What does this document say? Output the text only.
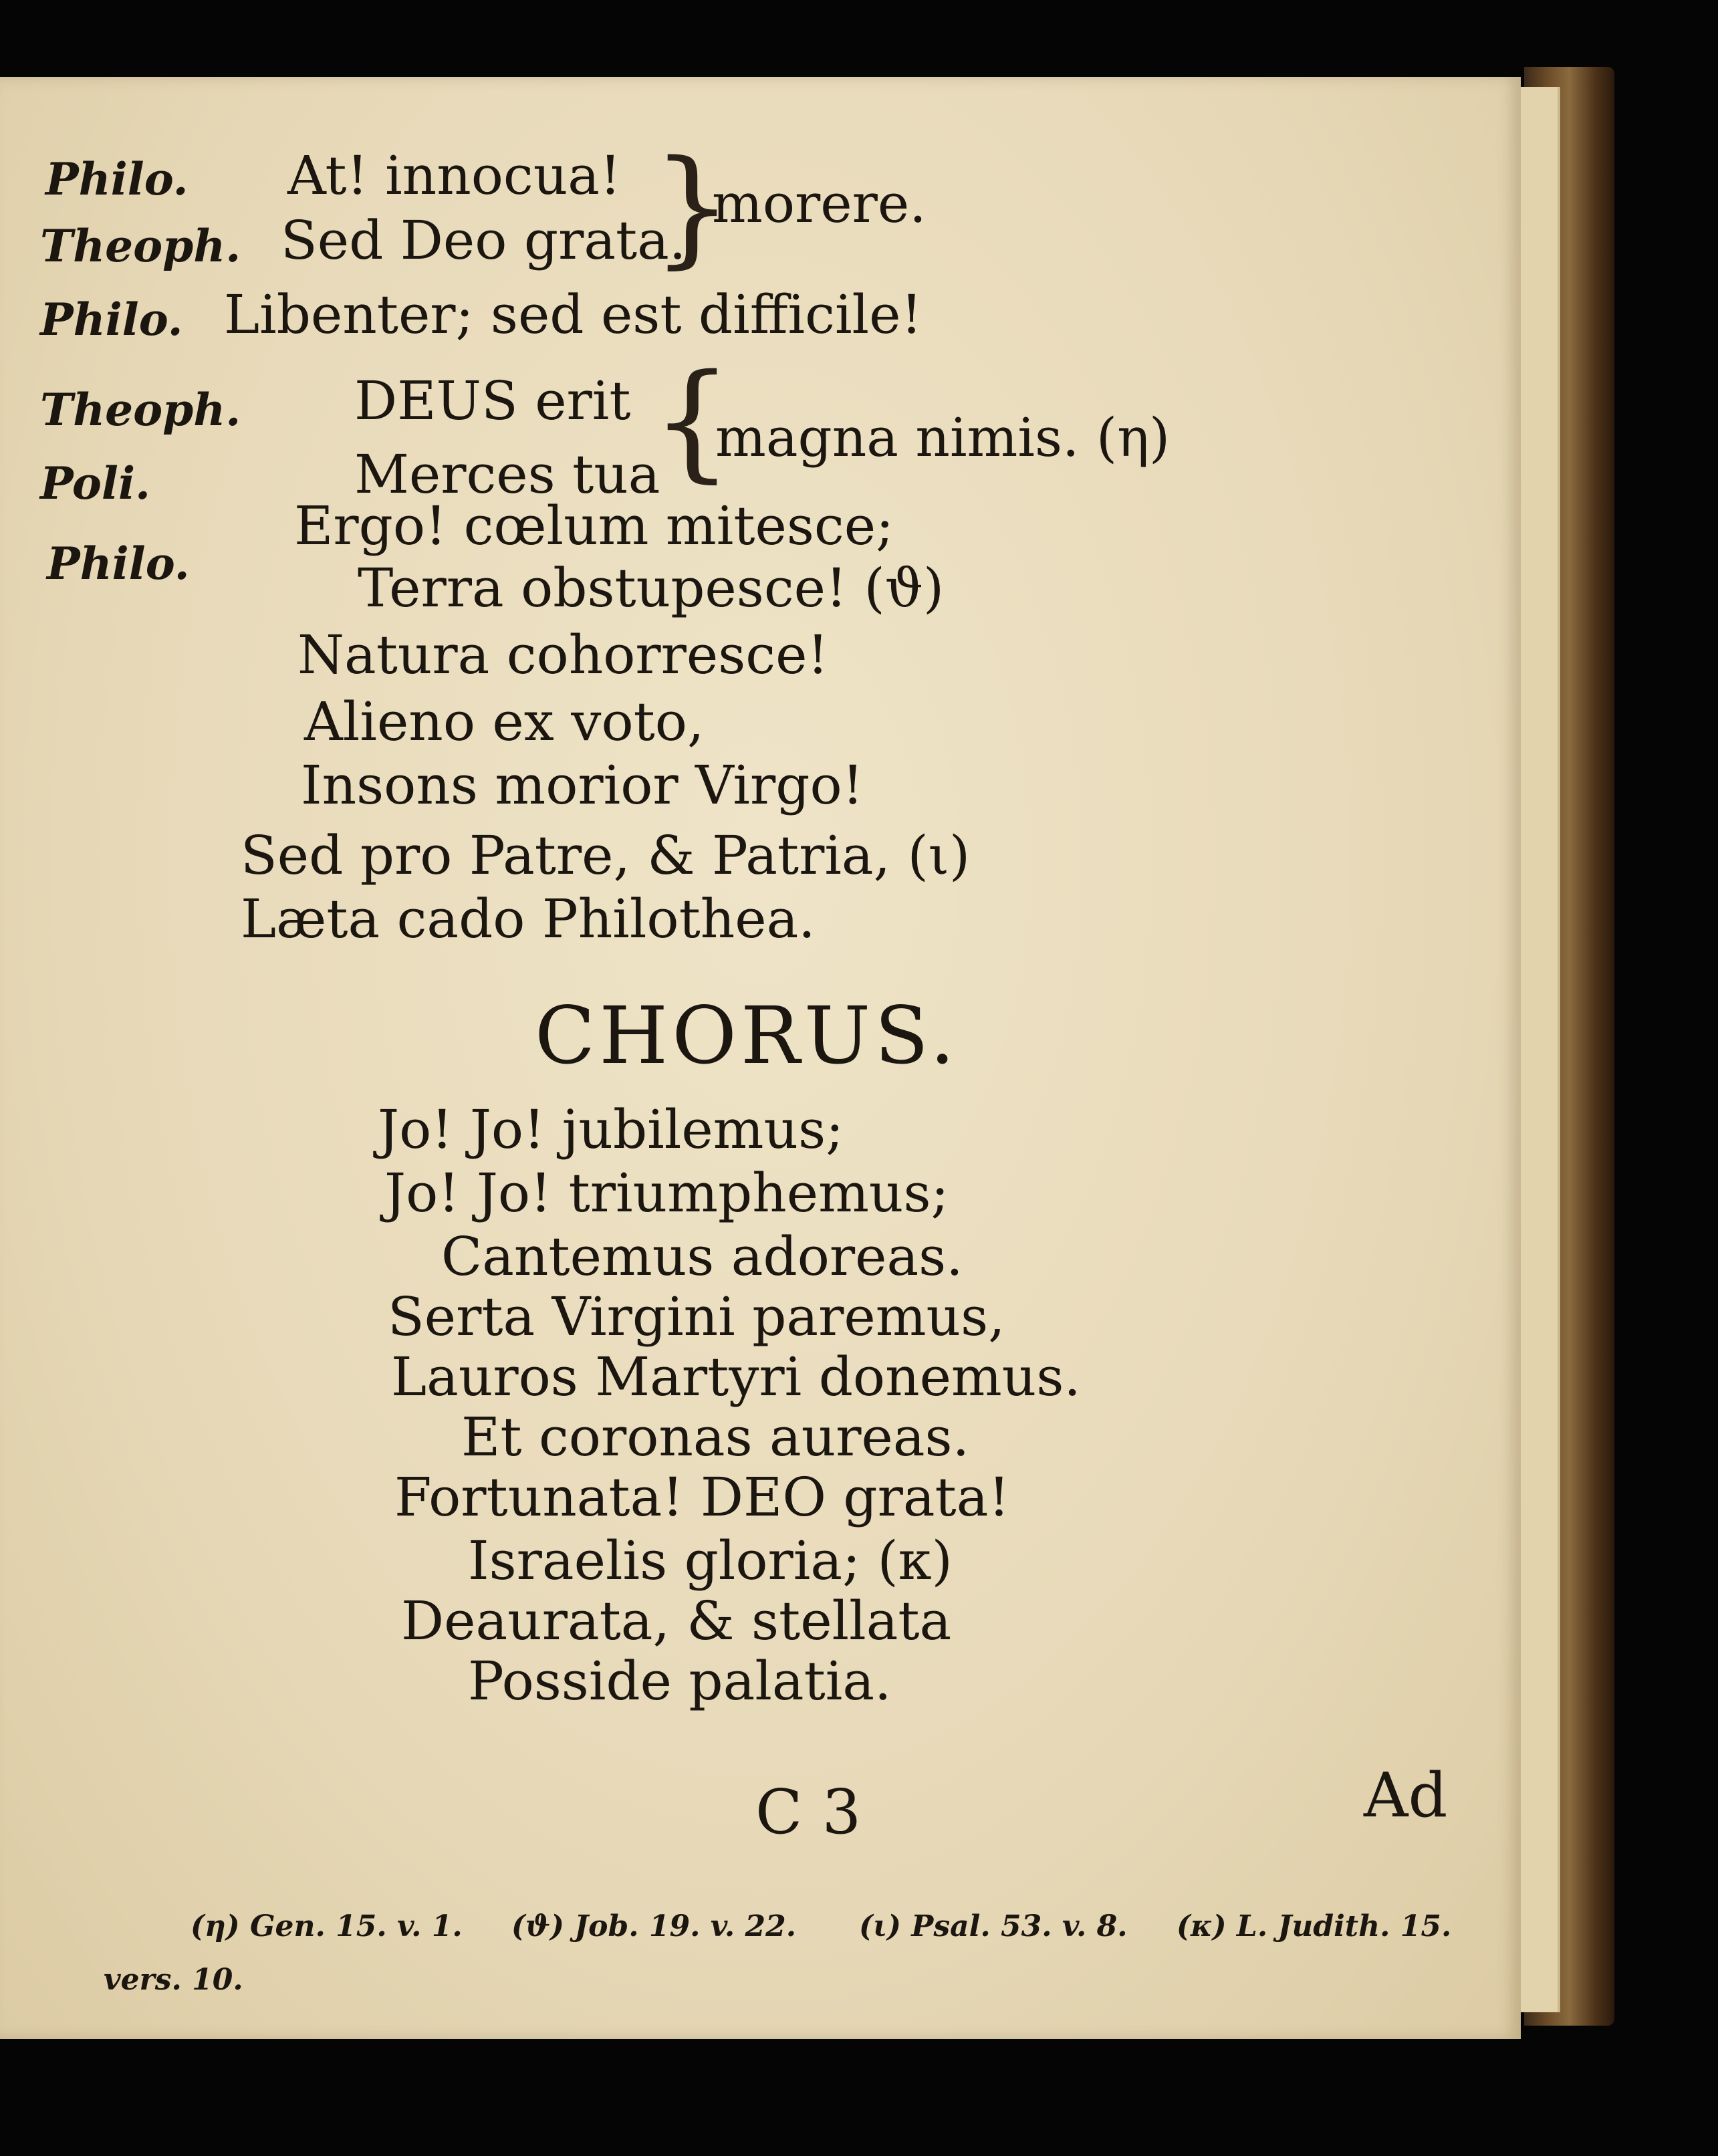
Philo. At! innocua!
Theoph. Sed Deo grata.
}
morere.
Philo. Libenter; sed est difficile!
Theoph. DEUS erit
Poli.	Merces tua
{
magna nimis. (η)
Philo.
Ergo! cœlum mitesce;
Terra obstupesce! (ϑ)
Natura cohorresce!
Alieno ex voto,
Insons morior Virgo!
Sed pro Patre, & Patria, (ι)
Læta cado Philothea.
CHORUS.
Jo! Jo! jubilemus;
Jo! Jo! triumphemus;
Cantemus adoreas.
Serta Virgini paremus,
Lauros Martyri donemus.
Et coronas aureas.
Fortunata! DEO grata!
Israelis gloria; (κ)
Deaurata, & stellata
Posside palatia.
C 3	Ad
(η) Gen. 15. v. 1. (ϑ) Job. 19. v. 22. (ι) Psal. 53. v. 8. (κ) L. Judith. 15.
vers. 10.
